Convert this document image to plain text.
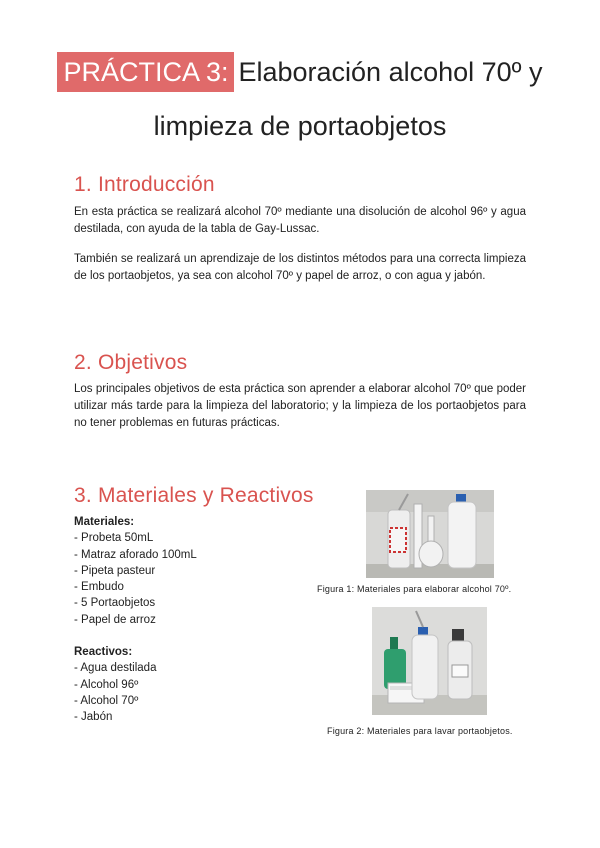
PRÁCTICA 3: Elaboración alcohol 70º y
limpieza de portaobjetos
1. Introducción

En esta práctica se realizará alcohol 70º mediante una disolución de alcohol 96º y agua destilada, con ayuda de la tabla de Gay-Lussac.

También se realizará un aprendizaje de los distintos métodos para una correcta limpieza de los portaobjetos, ya sea con alcohol 70º y papel de arroz, o con agua y jabón.

2. Objetivos

Los principales objetivos de esta práctica son aprender a elaborar alcohol 70º que poder utilizar más tarde para la limpieza del laboratorio; y la limpieza de los portaobjetos para no tener problemas en futuras prácticas.

3. Materiales y Reactivos
Materiales:
- Probeta 50mL
- Matraz aforado 100mL
- Pipeta pasteur
- Embudo
- 5 Portaobjetos
- Papel de arroz
Reactivos:
- Agua destilada
- Alcohol 96º
- Alcohol 70º
- Jabón
Figura 1: Materiales para elaborar alcohol 70º.
Figura 2: Materiales para lavar portaobjetos.
